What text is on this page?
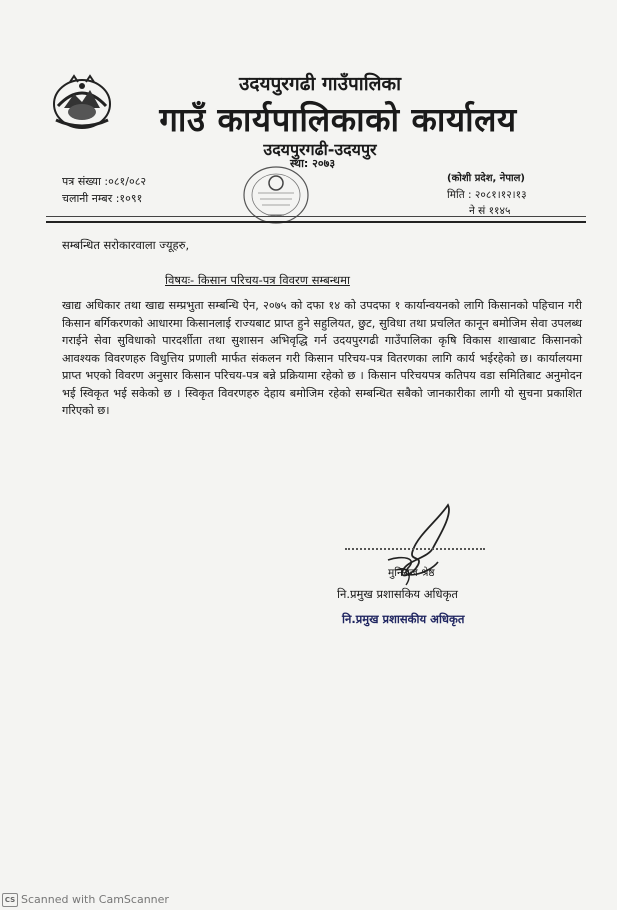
उदयपुरगढी गाउँपालिका
गाउँ कार्यपालिकाको कार्यालय
उदयपुरगढी-उदयपुर
स्था: २०७३
पत्र संख्या :०८१/०८२
चलानी नम्बर :१०९१
(कोशी प्रदेश, नेपाल)
मिति : २०८१।१२।१३
ने सं ११४५
सम्बन्धित सरोकारवाला ज्यूहरु,
विषयः- किसान परिचय-पत्र विवरण सम्बन्धमा
खाद्य अधिकार तथा खाद्य सम्प्रभुता सम्बन्धि ऐन, २०७५ को दफा १४ को उपदफा १ कार्यान्वयनको लागि किसानको पहिचान गरी किसान बर्गिकरणको आधारमा किसानलाई राज्यबाट प्राप्त हुने सहुलियत, छुट, सुविधा तथा प्रचलित कानून बमोजिम सेवा उपलब्ध गराईने सेवा सुविधाको पारदर्शीता तथा सुशासन अभिवृद्धि गर्न उदयपुरगढी गाउँपालिका कृषि विकास शाखाबाट किसानको आवश्यक विवरणहरु विधुत्तिय प्रणाली मार्फत संकलन गरी किसान परिचय-पत्र वितरणका लागि कार्य भईरहेको छ। कार्यालयमा प्राप्त भएको विवरण अनुसार किसान परिचय-पत्र बन्ने प्रक्रियामा रहेको छ । किसान परिचयपत्र कतिपय वडा समितिबाट अनुमोदन भई स्विकृत भई सकेको छ । स्विकृत विवरणहरु देहाय बमोजिम रहेको सम्बन्धित सबैको जानकारीका लागी यो सुचना प्रकाशित गरिएको छ।
मुनिराज श्रेष्ठ
नि.प्रमुख प्रशासकिय अधिकृत
नि.प्रमुख प्रशासकीय अधिकृत
CS Scanned with CamScanner
